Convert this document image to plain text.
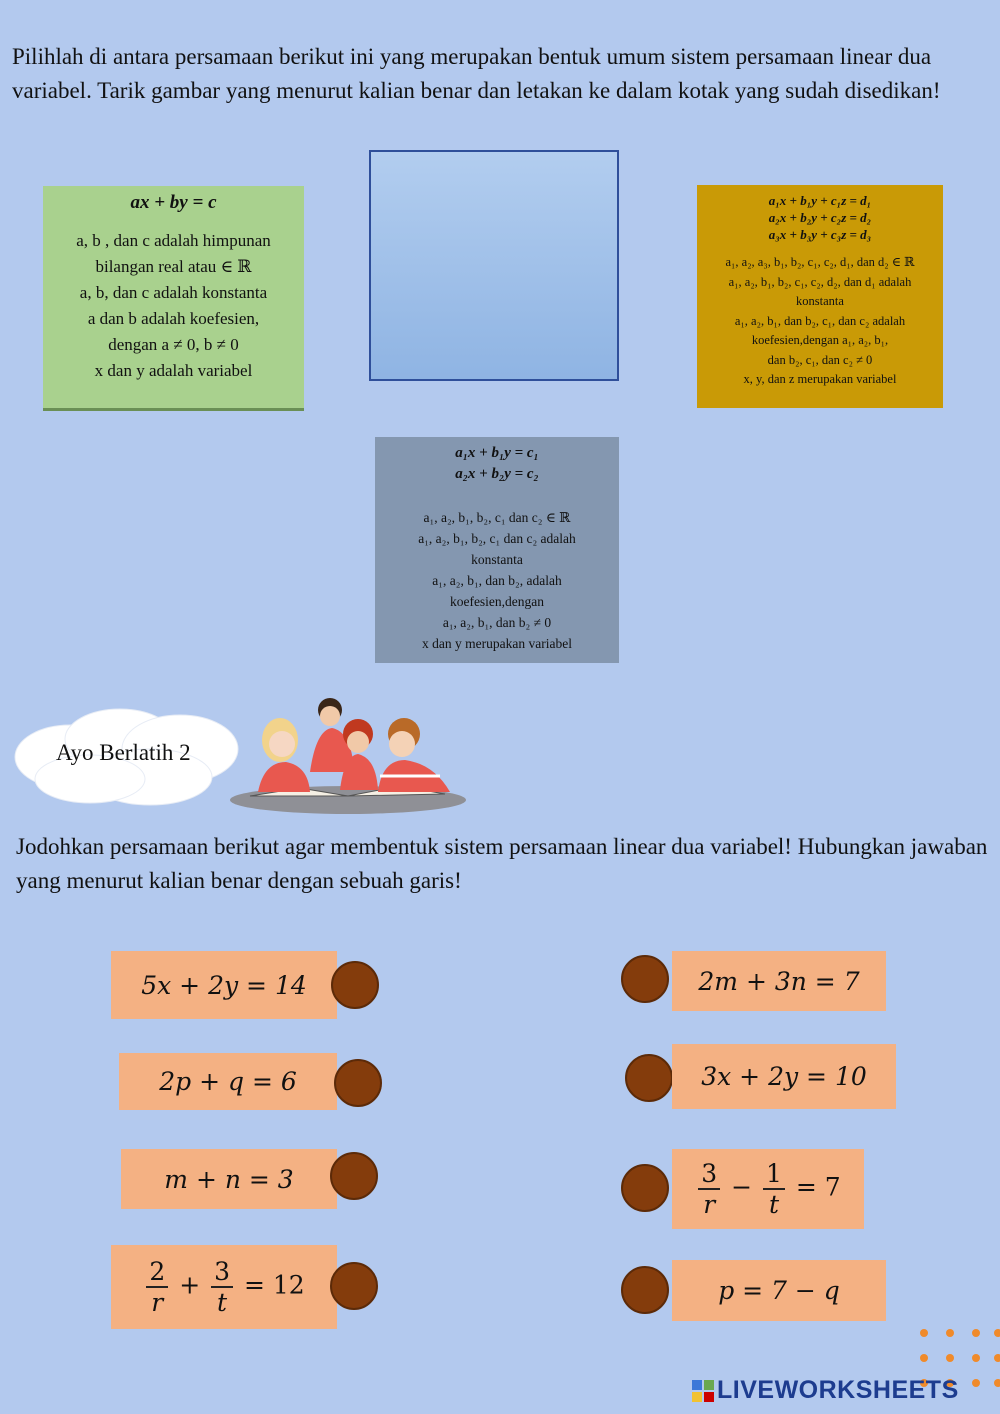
Pilihlah di antara persamaan berikut ini yang merupakan bentuk umum sistem persamaan linear dua variabel. Tarik gambar yang menurut kalian benar dan letakan ke dalam kotak yang sudah disedikan!
ax + by = c
a, b , dan c adalah himpunan
bilangan real atau ∈ ℝ
a, b, dan c adalah konstanta
a dan b adalah koefesien,
dengan a ≠ 0, b ≠ 0
x dan y adalah variabel
a₁x + b₁y + c₁z = d₁
a₂x + b₂y + c₂z = d₂
a₃x + b₃y + c₃z = d₃
a₁, a₂, a₃, b₁, b₂, c₁, c₂, d₁, dan d₂ ∈ ℝ
a₁, a₂, b₁, b₂, c₁, c₂, d₂, dan d₁ adalah
konstanta
a₁, a₂, b₁, dan b₂, c₁, dan c₂ adalah
koefesien,dengan a₁, a₂, b₁,
dan b₂, c₁, dan c₂ ≠ 0
x, y, dan z merupakan variabel
a₁x + b₁y = c₁
a₂x + b₂y = c₂
a₁, a₂, b₁, b₂, c₁ dan c₂ ∈ ℝ
a₁, a₂, b₁, b₂, c₁ dan c₂ adalah
konstanta
a₁, a₂, b₁, dan b₂, adalah
koefesien,dengan
a₁, a₂, b₁, dan b₂ ≠ 0
x dan y merupakan variabel
Ayo Berlatih 2
Jodohkan persamaan berikut agar membentuk sistem persamaan linear dua variabel! Hubungkan jawaban yang menurut kalian benar dengan sebuah garis!
5x + 2y = 14
2p + q = 6
m + n = 3
$\frac{2}{r} + \frac{3}{t} = 12$
2m + 3n = 7
3x + 2y = 10
$\frac{3}{r} - \frac{1}{t} = 7$
p = 7 − q
LIVEWORKSHEETS
